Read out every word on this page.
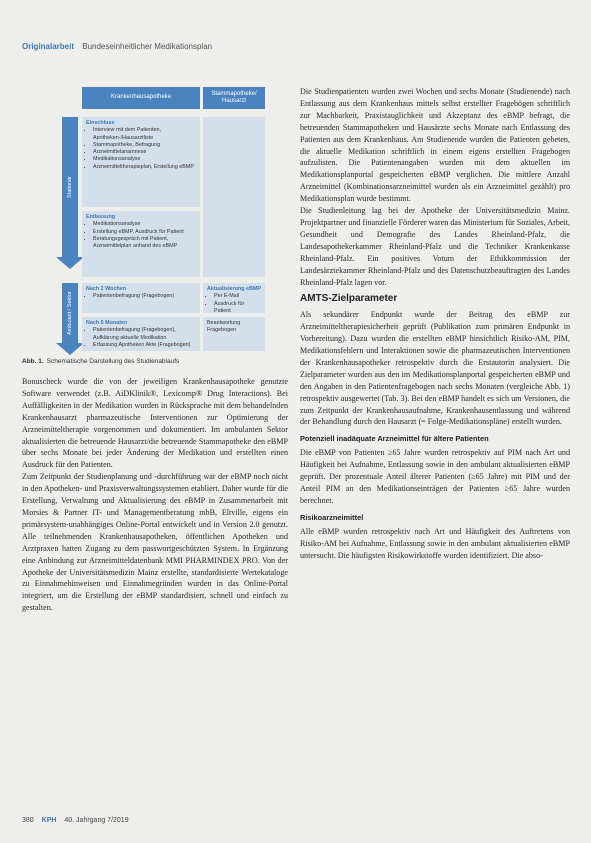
Originalarbeit Bundeseinheitlicher Medikationsplan
Krankenhausapotheke
Stammapotheke/ Hausarzt
Stationär
Ambulant / Sektor
Einschluss
• Interview mit dem Patienten, Apotheken-/Hausarztliste
• Stammapotheke, Befragung
• Arzneimittelanamnese
• Medikationsanalyse
• Arzneimitteltherapieplan, Erstellung eBMP
Entlassung
• Medikationsanalyse
• Erstellung eBMP, Ausdruck für Patient
• Beratungsgespräch mit Patient, Arzneimittelplan anhand des eBMP
Nach 2 Wochen
• Patientenbefragung (Fragebogen)
Aktualisierung eBMP
• Per E-Mail
• Ausdruck für Patient
Nach 6 Monaten
• Patientenbefragung (Fragebogen), Aufklärung aktuelle Medikation
• Erfassung Apotheken Akte (Fragebogen)
Beantwortung Fragebogen
Abb. 1. Schematische Darstellung des Studienablaufs

Bonuscheck wurde die von der jeweiligen Krankenhausapotheke genutzte Software verwendet (z.B. AiDKlinik®, Lexicomp® Drug Interactions). Bei Auffälligkeiten in der Medikation wurden in Rücksprache mit dem behandelnden Krankenhausarzt pharmazeutische Interventionen zur Optimierung der Arzneimitteltherapie vorgenommen und dokumentiert. Im ambulanten Sektor aktualisierten die betreuende Hausarzt/die betreuende Stammapotheke den eBMP über sechs Monate bei jeder Änderung der Medikation und erstellten einen Ausdruck für den Patienten.

Zum Zeitpunkt der Studienplanung und -durchführung war der eBMP noch nicht in den Apotheken- und Praxisverwaltungssystemen etabliert. Daher wurde für die Erstellung, Verwaltung und Aktualisierung des eBMP in Zusammenarbeit mit Morsies & Partner IT- und Managementberatung mbB, Eltville, eigens ein primärsystem-unabhängiges Online-Portal entwickelt und in Version 2.0 genutzt. Alle teilnehmenden Krankenhausapotheken, öffentlichen Apotheken und Arztpraxen hatten Zugang zu dem passwortgeschützten System. In Ergänzung eine Anbindung zur Arzneimitteldatenbank MMI PHARMINDEX PRO. Von der Apotheke der Universitätsmedizin Mainz erstellte, standardisierte Wertekataloge zu Einnahmehinweisen und Einnahmegründen wurden in das Online-Portal integriert, um die Erstellung der eBMP standardisiert, schnell und einfach zu gestalten.

Die Studienpatienten wurden zwei Wochen und sechs Monate (Studienende) nach Entlassung aus dem Krankenhaus mittels selbst erstellter Fragebögen schriftlich zur Machbarkeit, Praxistauglichkeit und Akzeptanz des eBMP befragt, die betreuenden Stammapotheken und Hausärzte sechs Monate nach Entlassung des Patienten aus dem Krankenhaus. Am Studienende wurden die Patienten gebeten, die aktuelle Medikation schriftlich in einem eigens erstellten Fragebogen aufzulisten. Die Patientenangaben wurden mit dem aktuellen im Medikationsplanportal gespeicherten eBMP verglichen. Die mittlere Anzahl Arzneimittel (Kombinationsarzneimittel wurden als ein Arzneimittel gezählt) pro Medikationsplan wurde bestimmt.

Die Studienleitung lag bei der Apotheke der Universitätsmedizin Mainz. Projektpartner und finanzielle Förderer waren das Ministerium für Soziales, Arbeit, Gesundheit und Demografie des Landes Rheinland-Pfalz, die Landesapothekerkammer Rheinland-Pfalz und die Techniker Krankenkasse Rheinland-Pfalz. Ein positives Votum der Ethikkommission der Landesärztekammer Rheinland-Pfalz und des Datenschutzbeauftragten des Landes Rheinland-Pfalz lagen vor.

AMTS-Zielparameter

Als sekundärer Endpunkt wurde der Beitrag des eBMP zur Arzneimitteltherapiesicherheit geprüft (Publikation zum primären Endpunkt in Vorbereitung). Dazu wurden die erstellten eBMP hinsichtlich Risiko-AM, PIM, Medikationsfehlern und Interaktionen sowie die pharmazeutischen Interventionen der Krankenhausapotheker retrospektiv durch die Erstautorin analysiert. Die Zielparameter wurden aus den im Medikationsplanportal gespeicherten eBMP und den Angaben in den Patientenfragebogen nach sechs Monaten (vergleiche Abb. 1) retrospektiv ausgewertet (Tab. 3). Bei den eBMP handelt es sich um Versionen, die zum Zeitpunkt der Krankenhausaufnahme, Krankenhausentlassung und während der Behandlung durch den Hausarzt (= Folge-Medikationspläne) erstellt wurden.

Potenziell inadäquate Arzneimittel für ältere Patienten

Die eBMP von Patienten ≥65 Jahre wurden retrospektiv auf PIM nach Art und Häufigkeit bei Aufnahme, Entlassung sowie in den ambulant aktualisierten eBMP geprüft. Der prozentuale Anteil älterer Patienten (≥65 Jahre) mit PIM und der Anteil PIM an den Medikationseinträgen der Patienten ≥65 Jahre wurden berechnet.

Risikoarzneimittel

Alle eBMP wurden retrospektiv nach Art und Häufigkeit des Auftretens von Risiko-AM bei Aufnahme, Entlassung sowie in den ambulant aktualisierten eBMP untersucht. Die häufigsten Risikowirkstoffe wurden identifiziert. Die abso-

380 KPH 40. Jahrgang 7/2019
